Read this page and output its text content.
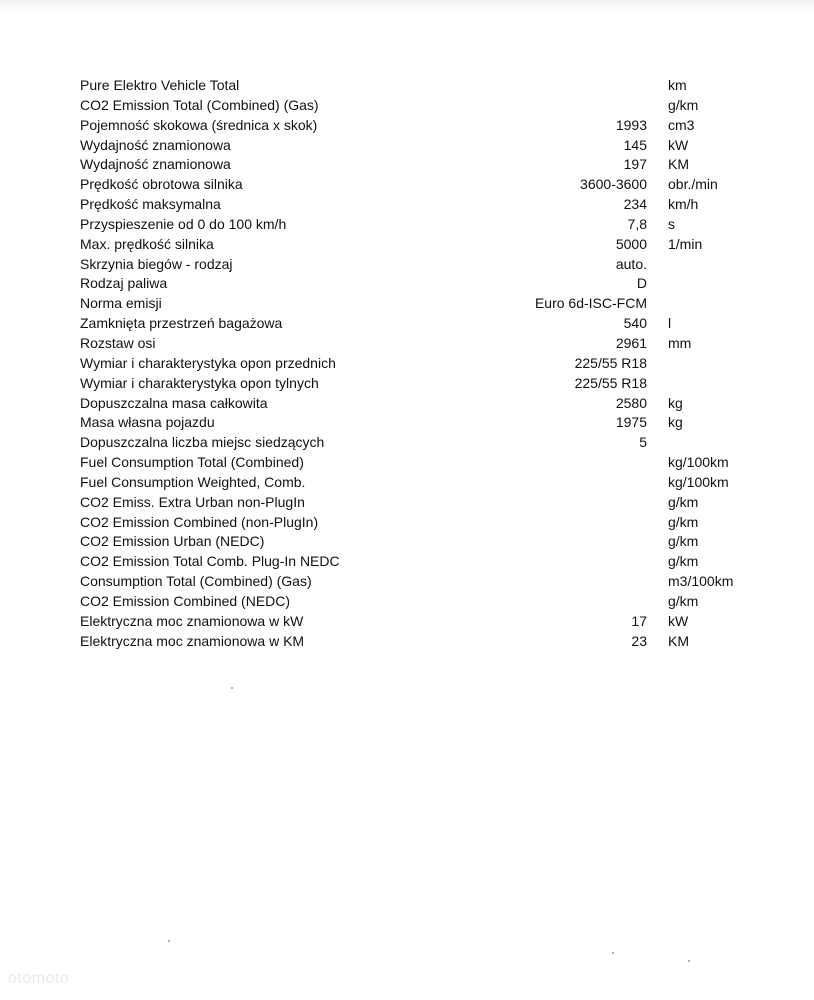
Pure Elektro Vehicle Total	km
CO2 Emission Total (Combined) (Gas)	g/km
Pojemność skokowa (średnica x skok)	1993 cm3
Wydajność znamionowa	145 kW
Wydajność znamionowa	197 KM
Prędkość obrotowa silnika	3600-3600 obr./min
Prędkość maksymalna	234 km/h
Przyspieszenie od 0 do 100 km/h	7,8 s
Max. prędkość silnika	5000 1/min
Skrzynia biegów - rodzaj	auto.
Rodzaj paliwa	D
Norma emisji	Euro 6d-ISC-FCM
Zamknięta przestrzeń bagażowa	540 l
Rozstaw osi	2961 mm
Wymiar i charakterystyka opon przednich	225/55 R18
Wymiar i charakterystyka opon tylnych	225/55 R18
Dopuszczalna masa całkowita	2580 kg
Masa własna pojazdu	1975 kg
Dopuszczalna liczba miejsc siedzących	5
Fuel Consumption Total (Combined)	kg/100km
Fuel Consumption Weighted, Comb.	kg/100km
CO2 Emiss. Extra Urban non-PlugIn	g/km
CO2 Emission Combined (non-PlugIn)	g/km
CO2 Emission Urban (NEDC)	g/km
CO2 Emission Total Comb. Plug-In NEDC	g/km
Consumption Total (Combined) (Gas)	m3/100km
CO2 Emission Combined (NEDC)	g/km
Elektryczna moc znamionowa w kW	17 kW
Elektryczna moc znamionowa w KM	23 KM
otomoto
